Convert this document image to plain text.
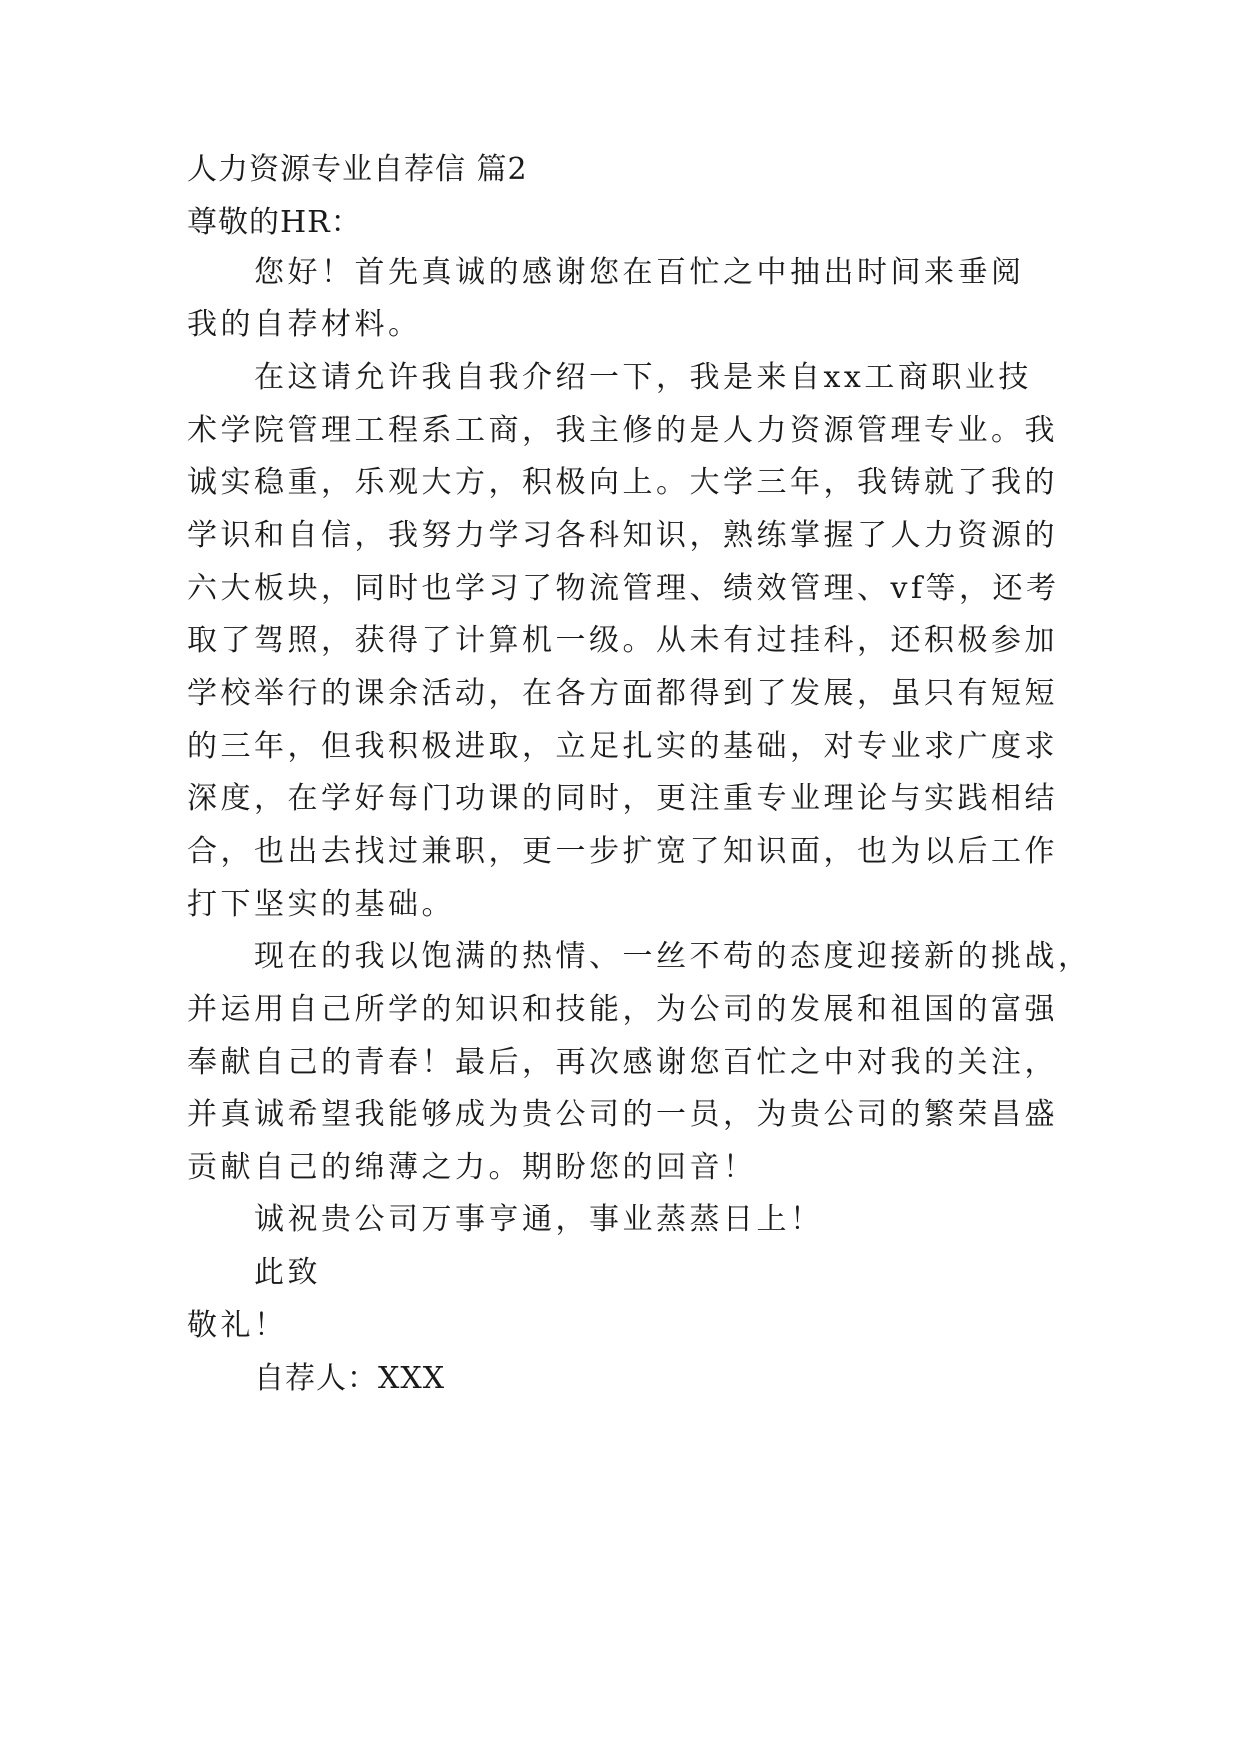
人力资源专业自荐信 篇2
尊敬的HR：
您好！首先真诚的感谢您在百忙之中抽出时间来垂阅
我的自荐材料。
在这请允许我自我介绍一下，我是来自xx工商职业技
术学院管理工程系工商，我主修的是人力资源管理专业。我
诚实稳重，乐观大方，积极向上。大学三年，我铸就了我的
学识和自信，我努力学习各科知识，熟练掌握了人力资源的
六大板块，同时也学习了物流管理、绩效管理、vf等，还考
取了驾照，获得了计算机一级。从未有过挂科，还积极参加
学校举行的课余活动，在各方面都得到了发展，虽只有短短
的三年，但我积极进取，立足扎实的基础，对专业求广度求
深度，在学好每门功课的同时，更注重专业理论与实践相结
合，也出去找过兼职，更一步扩宽了知识面，也为以后工作
打下坚实的基础。
现在的我以饱满的热情、一丝不苟的态度迎接新的挑战，
并运用自己所学的知识和技能，为公司的发展和祖国的富强
奉献自己的青春！最后，再次感谢您百忙之中对我的关注，
并真诚希望我能够成为贵公司的一员，为贵公司的繁荣昌盛
贡献自己的绵薄之力。期盼您的回音！
诚祝贵公司万事亨通，事业蒸蒸日上！
此致
敬礼！
自荐人：XXX
